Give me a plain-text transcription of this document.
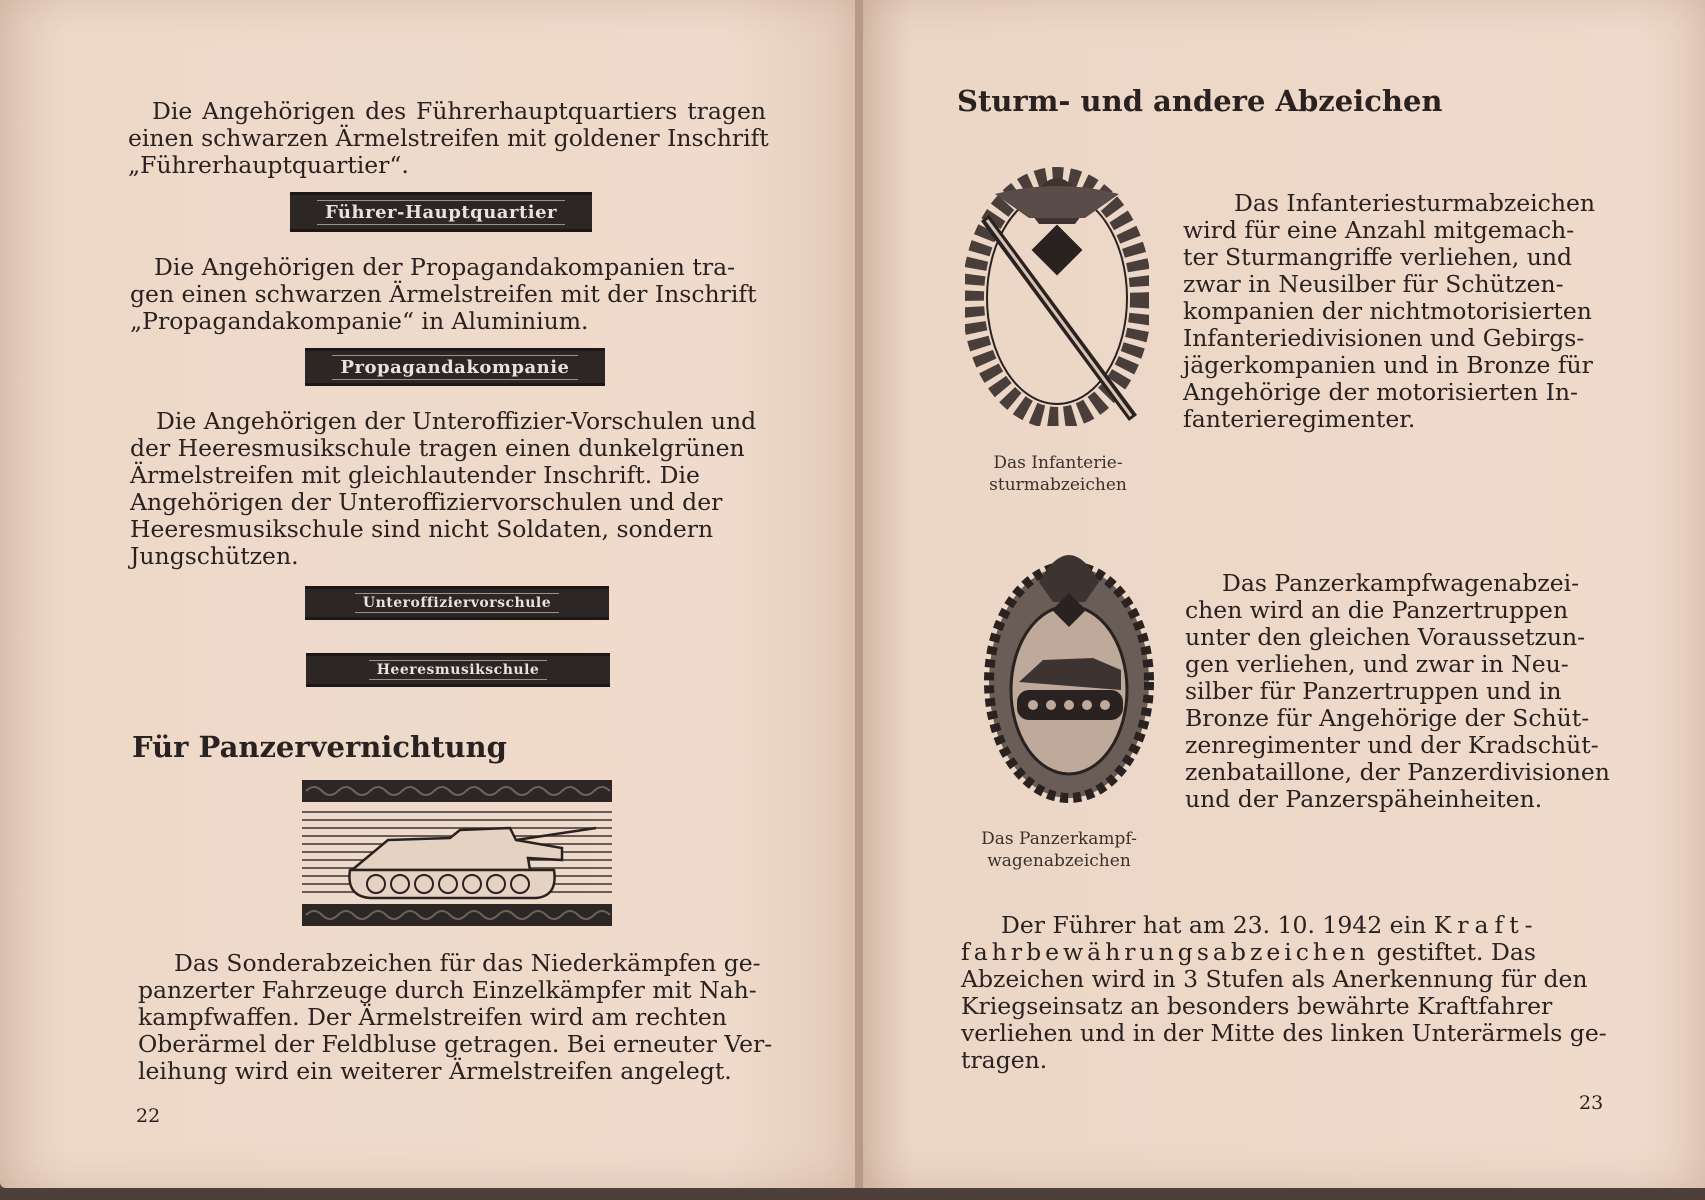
Die Angehörigen des Führerhauptquartiers tragen
einen schwarzen Ärmelstreifen mit goldener Inschrift
„Führerhauptquartier“.
Führer-Hauptquartier
Die Angehörigen der Propagandakompanien tra-
gen einen schwarzen Ärmelstreifen mit der Inschrift
„Propagandakompanie“ in Aluminium.
Propagandakompanie
Die Angehörigen der Unteroffizier-Vorschulen und
der Heeresmusikschule tragen einen dunkelgrünen
Ärmelstreifen mit gleichlautender Inschrift. Die
Angehörigen der Unteroffiziervorschulen und der
Heeresmusikschule sind nicht Soldaten, sondern
Jungschützen.
Unteroffiziervorschule
Heeresmusikschule
Für Panzervernichtung
Das Sonderabzeichen für das Niederkämpfen ge-
panzerter Fahrzeuge durch Einzelkämpfer mit Nah-
kampfwaffen. Der Ärmelstreifen wird am rechten
Oberärmel der Feldbluse getragen. Bei erneuter Ver-
leihung wird ein weiterer Ärmelstreifen angelegt.
22
Sturm- und andere Abzeichen
Das Infanterie-
sturmabzeichen
Das Infanteriesturmabzeichen
wird für eine Anzahl mitgemach-
ter Sturmangriffe verliehen, und
zwar in Neusilber für Schützen-
kompanien der nichtmotorisierten
Infanteriedivisionen und Gebirgs-
jägerkompanien und in Bronze für
Angehörige der motorisierten In-
fanterieregimenter.
Das Panzerkampf-
wagenabzeichen
Das Panzerkampfwagenabzei-
chen wird an die Panzertruppen
unter den gleichen Voraussetzun-
gen verliehen, und zwar in Neu-
silber für Panzertruppen und in
Bronze für Angehörige der Schüt-
zenregimenter und der Kradschüt-
zenbataillone, der Panzerdivisionen
und der Panzerspäheinheiten.
Der Führer hat am 23. 10. 1942 ein Kraft-
fahrbewährungsabzeichen gestiftet. Das
Abzeichen wird in 3 Stufen als Anerkennung für den
Kriegseinsatz an besonders bewährte Kraftfahrer
verliehen und in der Mitte des linken Unterärmels ge-
tragen.
23
